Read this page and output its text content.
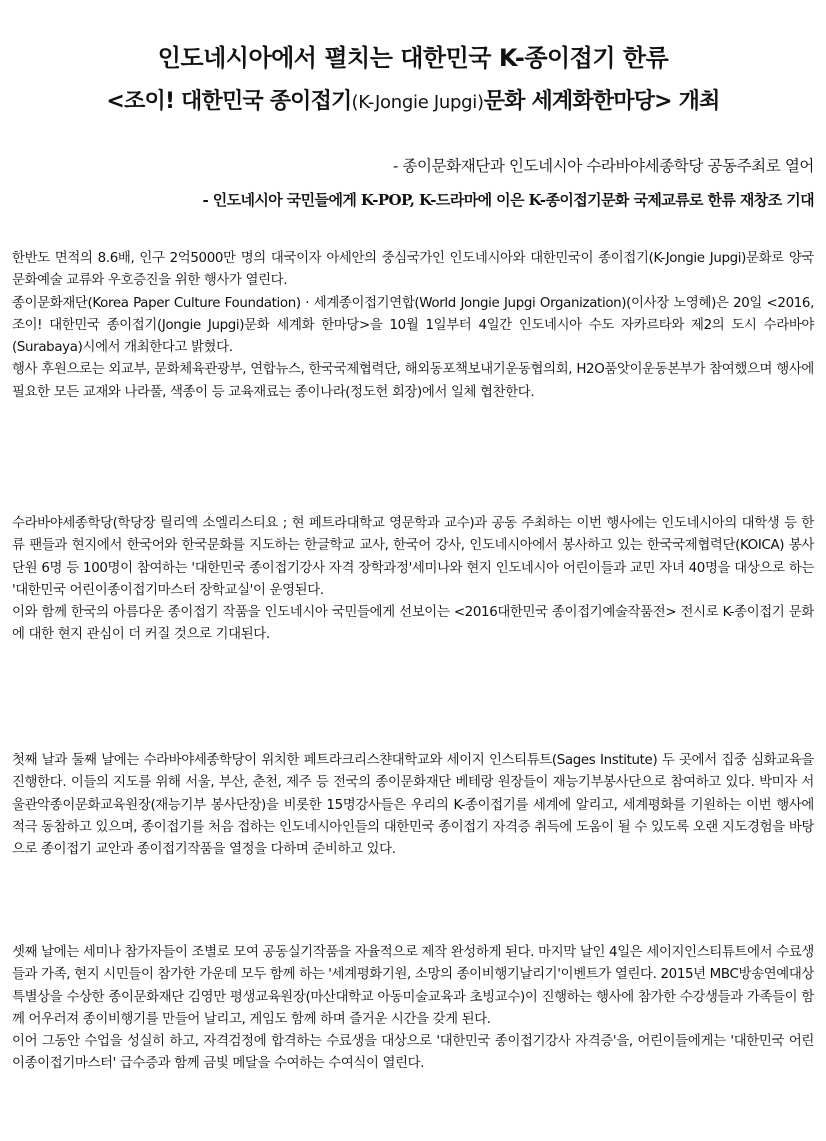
인도네시아에서 펼치는 대한민국 K-종이접기 한류
<조이! 대한민국 종이접기(K-Jongie Jupgi)문화 세계화한마당> 개최
- 종이문화재단과 인도네시아 수라바야세종학당 공동주최로 열어
- 인도네시아 국민들에게 K-POP, K-드라마에 이은 K-종이접기문화 국제교류로 한류 재창조 기대

한반도 면적의 8.6배, 인구 2억5000만 명의 대국이자 아세안의 중심국가인 인도네시아와 대한민국이 종이접기(K-Jongie Jupgi)문화로 양국 문화예술 교류와 우호증진을 위한 행사가 열린다.

종이문화재단(Korea Paper Culture Foundation) · 세계종이접기연합(World Jongie Jupgi Organization)(이사장 노영혜)은 20일 <2016, 조이! 대한민국 종이접기(Jongie Jupgi)문화 세계화 한마당>을 10월 1일부터 4일간 인도네시아 수도 자카르타와 제2의 도시 수라바야(Surabaya)시에서 개최한다고 밝혔다.

행사 후원으로는 외교부, 문화체육관광부, 연합뉴스, 한국국제협력단, 해외동포책보내기운동협의회, H2O품앗이운동본부가 참여했으며 행사에 필요한 모든 교재와 나라풀, 색종이 등 교육재료는 종이나라(정도헌 회장)에서 일체 협찬한다.

수라바야세종학당(학당장 릴리엑 소엘리스티요 ; 현 페트라대학교 영문학과 교수)과 공동 주최하는 이번 행사에는 인도네시아의 대학생 등 한류 팬들과 현지에서 한국어와 한국문화를 지도하는 한글학교 교사, 한국어 강사, 인도네시아에서 봉사하고 있는 한국국제협력단(KOICA) 봉사단원 6명 등 100명이 참여하는 '대한민국 종이접기강사 자격 장학과정'세미나와 현지 인도네시아 어린이들과 교민 자녀 40명을 대상으로 하는 '대한민국 어린이종이접기마스터 장학교실'이 운영된다.

이와 함께 한국의 아름다운 종이접기 작품을 인도네시아 국민들에게 선보이는 <2016대한민국 종이접기예술작품전> 전시로 K-종이접기 문화에 대한 현지 관심이 더 커질 것으로 기대된다.

첫째 날과 둘째 날에는 수라바야세종학당이 위치한 페트라크리스챤대학교와 세이지 인스티튜트(Sages Institute) 두 곳에서 집중 심화교육을 진행한다. 이들의 지도를 위해 서울, 부산, 춘천, 제주 등 전국의 종이문화재단 베테랑 원장들이 재능기부봉사단으로 참여하고 있다. 박미자 서울관악종이문화교육원장(재능기부 봉사단장)을 비롯한 15명강사들은 우리의 K-종이접기를 세계에 알리고, 세계평화를 기원하는 이번 행사에 적극 동참하고 있으며, 종이접기를 처음 접하는 인도네시아인들의 대한민국 종이접기 자격증 취득에 도움이 될 수 있도록 오랜 지도경험을 바탕으로 종이접기 교안과 종이접기작품을 열정을 다하며 준비하고 있다.

셋째 날에는 세미나 참가자들이 조별로 모여 공동실기작품을 자율적으로 제작 완성하게 된다. 마지막 날인 4일은 세이지인스티튜트에서 수료생들과 가족, 현지 시민들이 참가한 가운데 모두 함께 하는 '세계평화기원, 소망의 종이비행기날리기'이벤트가 열린다. 2015년 MBC방송연예대상 특별상을 수상한 종이문화재단 김영만 평생교육원장(마산대학교 아동미술교육과 초빙교수)이 진행하는 행사에 참가한 수강생들과 가족들이 함께 어우러져 종이비행기를 만들어 날리고, 게임도 함께 하며 즐거운 시간을 갖게 된다.

이어 그동안 수업을 성실히 하고, 자격검정에 합격하는 수료생을 대상으로 '대한민국 종이접기강사 자격증'을, 어린이들에게는 '대한민국 어린이종이접기마스터' 급수증과 함께 금빛 메달을 수여하는 수여식이 열린다.
